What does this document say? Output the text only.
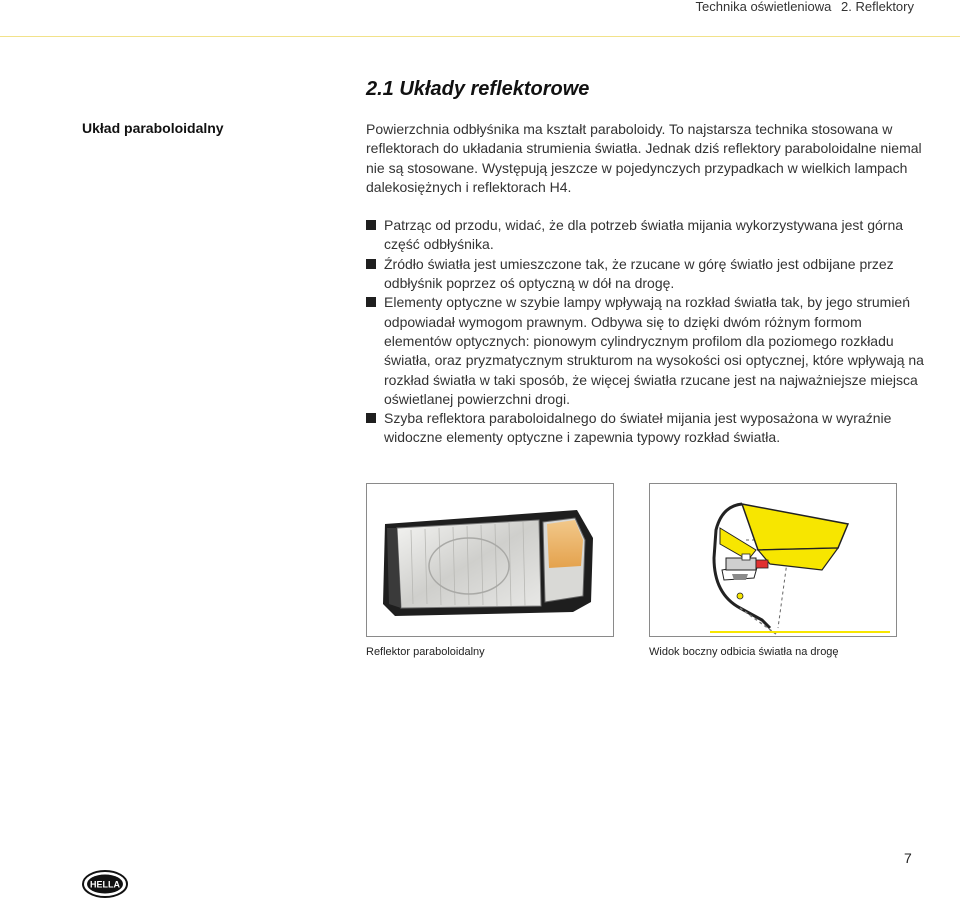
Technika oświetleniowa 2. Reflektory
2.1 Układy reflektorowe
Układ paraboloidalny	Powierzchnia odbłyśnika ma kształt paraboloidy. To najstarsza technika stosowana w reflektorach do układania strumienia światła. Jednak dziś reflektory paraboloidalne niemal nie są stosowane. Występują jeszcze w pojedynczych przypadkach w wielkich lampach dalekosiężnych i reflektorach H4.

Patrząc od przodu, widać, że dla potrzeb światła mijania wykorzystywana jest górna część odbłyśnika.
Źródło światła jest umieszczone tak, że rzucane w górę światło jest odbijane przez odbłyśnik poprzez oś optyczną w dół na drogę.
Elementy optyczne w szybie lampy wpływają na rozkład światła tak, by jego strumień odpowiadał wymogom prawnym. Odbywa się to dzięki dwóm różnym formom elementów optycznych: pionowym cylindrycznym profilom dla poziomego rozkładu światła, oraz pryzmatycznym strukturom na wysokości osi optycznej, które wpływają na rozkład światła w taki sposób, że więcej światła rzucane jest na najważniejsze miejsca oświetlanej powierzchni drogi.
Szyba reflektora paraboloidalnego do świateł mijania jest wyposażona w wyraźnie widoczne elementy optyczne i zapewnia typowy rozkład światła.
Reflektor paraboloidalny	Widok boczny odbicia światła na drogę
7
HELLA
